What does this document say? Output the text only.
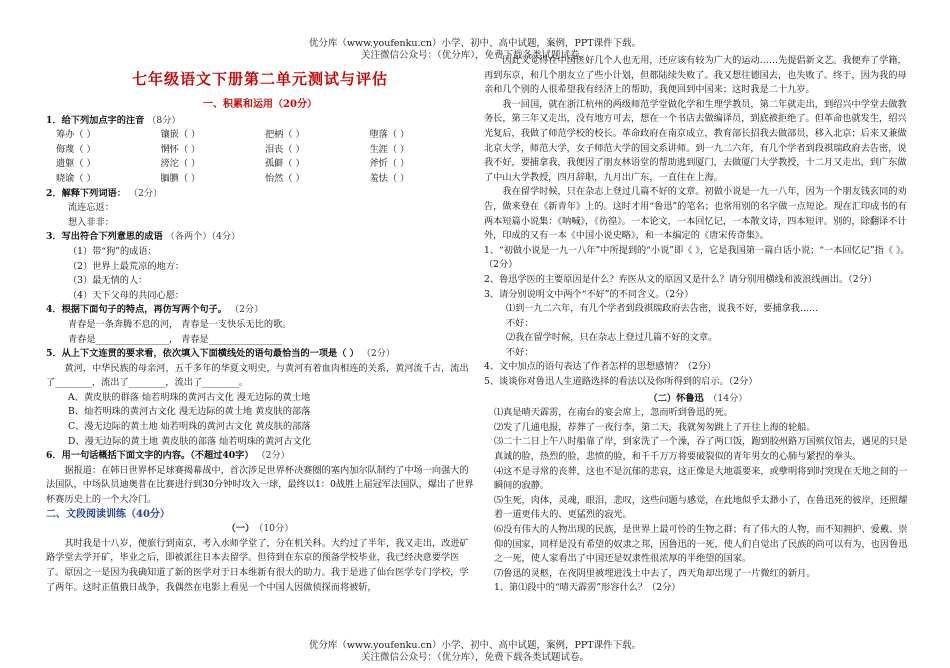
优分库（www.youfenku.cn）小学、初中、高中试题，案例，PPT课件下载。
关注微信公众号：（优分库），免费下载各类试题试卷。
七年级语文下册第二单元测试与评估
一、积累和运用（20分）

1．给下列加点字的注音 （8分）

筹办（ ）	镶嵌（ ）	把柄（ ）	堕落（ ）
侮蔑（ ）	惘怀（ ）	泪丧（ ）	生涯（ ）
遗躯（ ）	滂沱（ ）	孤僻（ ）	斧忻（ ）
晓谕（ ）	腼腆（ ）	怡然（ ）	羞怯（ ）

2．解释下列词语： （2分）

流连忘返：

想入非非：

3．写出符合下列意思的成语 （各两个）（4分）

（1）带“狗”的成语：

（2）世界上最荒凉的地方：

（3）最无情的人：

（4）天下父母的共同心愿：

4．根据下面句子的特点，再仿写两个句子。 （2分）

青春是一条奔腾不息的河， 青春是一支快乐无比的歌。

青春是________________， 青春是________________

5．从上下文连贯的要求看，依次填入下面横线处的语句最恰当的一项是（ ） （2分）

黄河，中华民族的母亲河，五千多年的华夏文明史，与黄河有着血肉相连的关系，黄河流千古，流出了________，流出了________，流出了________。

A、黄皮肤的群落 灿若明珠的黄河古文化 漫无边际的黄土地

B、灿若明珠的黄河古文化 漫无边际的黄土地 黄皮肤的部落

C、漫无边际的黄土地 灿若明珠的黄河古文化 黄皮肤的部落

D、漫无边际的黄土地 黄皮肤的部落 灿若明珠的黄河古文化

6．用一句话概括下面文字的内容。（不超过40字） （2分）

据报道：在韩日世界杯足球赛揭幕战中，首次涉足世界杯决赛圈的塞内加尔队制约了中场一向强大的法国队，中场队员迪奥普在比赛进行到30分钟时攻入一球，最终以1：0战胜上届冠军法国队，爆出了世界杯赛历史上的一个大冷门。

二、文段阅读训练（40分）

（一）　 （10分）

其时我是十八岁，便旅行到南京，考入水师学堂了，分在机关科。大约过了半年，我又走出，改进矿路学堂去学开矿，毕业之后，即被派往日本去留学。但待到在东京的预备学校毕业，我已经决意要学医了。原因之一是因为我确知道了新的医学对于日本维新有很大的助力。我于是进了仙台医学专门学校，学了两年。这时正值俄日战争，我偶然在电影上看见一个中国人因做侦探而将被斩，

因此又觉得在中国医好几个人也无用，还应该有较为广大的运动……先提倡新文艺。我便弃了学籍，再到东京，和几个朋友立了些小计划，但都陆续失败了。我又想往德国去，也失败了。终于，因为我的母亲和几个别的人很希望我有经济上的帮助，我便回到中国来；这时我是二十九岁。

我一回国，就在浙江杭州的两级师范学堂做化学和生理学教员，第二年就走出，到绍兴中学堂去做教务长，第三年又走出，没有地方可去，想在一个书店去做编译员，到底被拒绝了。但革命也就发生，绍兴光复后，我做了师范学校的校长。革命政府在南京成立，教育部长招我去做部员，移入北京；后来又兼做北京大学，师范大学，女子师范大学的国文系讲师。到一九二六年，有几个学者到段祺瑞政府去告密，说我不好，要捕拿我，我便因了朋友林语堂的帮助逃到厦门，去做厦门大学教授，十二月又走出，到广东做了中山大学教授，四月辞职，九月出广东，一直住在上海。

我在留学时候，只在杂志上登过几篇不好的文章。初做小说是一九一八年，因为一个朋友钱玄同的劝告，做来登在《新青年》上的。这时才用“鲁迅”的笔名；也常用别的名字做一点短论。现在汇印成书的有两本短篇小说集：《呐喊》，《彷徨》。一本论文，一本回忆记，一本散文诗，四本短评。别的，除翻译不计外，印成的又有一本《中国小说史略》，和一本编定的《唐宋传奇集》。

1、“初做小说是一九一八年”中所提到的“小说”即《 》，它是我国第一篇白话小说；“一本回忆记”指《 》。（2分）

2、鲁迅学医的主要原因是什么？弃医从文的原因又是什么？请分别用横线和波浪线画出。（2分）

3、请分别说明文中两个“不好”的不同含义。（2分）

⑴到一九二六年，有几个学者到段祺瑞政府去告密，说我不好，要捕拿我……

不好：

⑵我在留学时候，只在杂志上登过几篇不好的文章。

不好：

4、文中加点的语句表达了作者怎样的思想感情？（2分）

5、谈谈你对鲁迅人生道路选择的看法以及你所得到的启示。（2分）

（二）怀鲁迅　 （14分）

⑴真是晴天霹雳，在南台的宴会席上，忽而听到鲁迅的死。

⑵发了几通电报，荐葬了一夜行李，第二天，我就匆匆跳上了开往上海的轮船。

⑶二十二日上午八时船靠了岸，到家洗了一个澡，吞了两口饭，跑到胶州路万国殡仪馆去，遇见的只是真诚的脸，热烈的脸，悲愤的脸，和千千万万将要破裂似的青年男女的心肺与紧捏的拳头。

⑷这不是寻常的丧葬，这也不是沉郁的悲哀，这正像是大地震要来，或孽明将到时突现在天地之间的一瞬间的寂静。

⑸生死，肉体，灵魂，眼泪，悲叹，这些问题与感觉，在此地似乎太渺小了，在鲁迅死的彼岸，还照耀着一道更伟大的、更猛烈的寂光。

⑹没有伟大的人物出现的民族，是世界上最可怜的生物之群；有了伟大的人物，而不知拥护、爱戴、崇仰的国家，同样是没有希望的奴隶之邦，因鲁迅的一死，使人们自觉出了民族的尚可以有为，也因鲁迅之一死，使人家看出了中国还是奴隶性很浓厚的半绝望的国家。

⑺鲁迅的灵柩，在夜阴里被埋进浅土中去了，西天角却出现了一片微红的新月。

1、第⑴段中的“晴天霹雳”形容什么？（2分）

优分库（www.youfenku.cn）小学、初中、高中试题，案例，PPT课件下载。
关注微信公众号：（优分库），免费下载各类试题试卷。
